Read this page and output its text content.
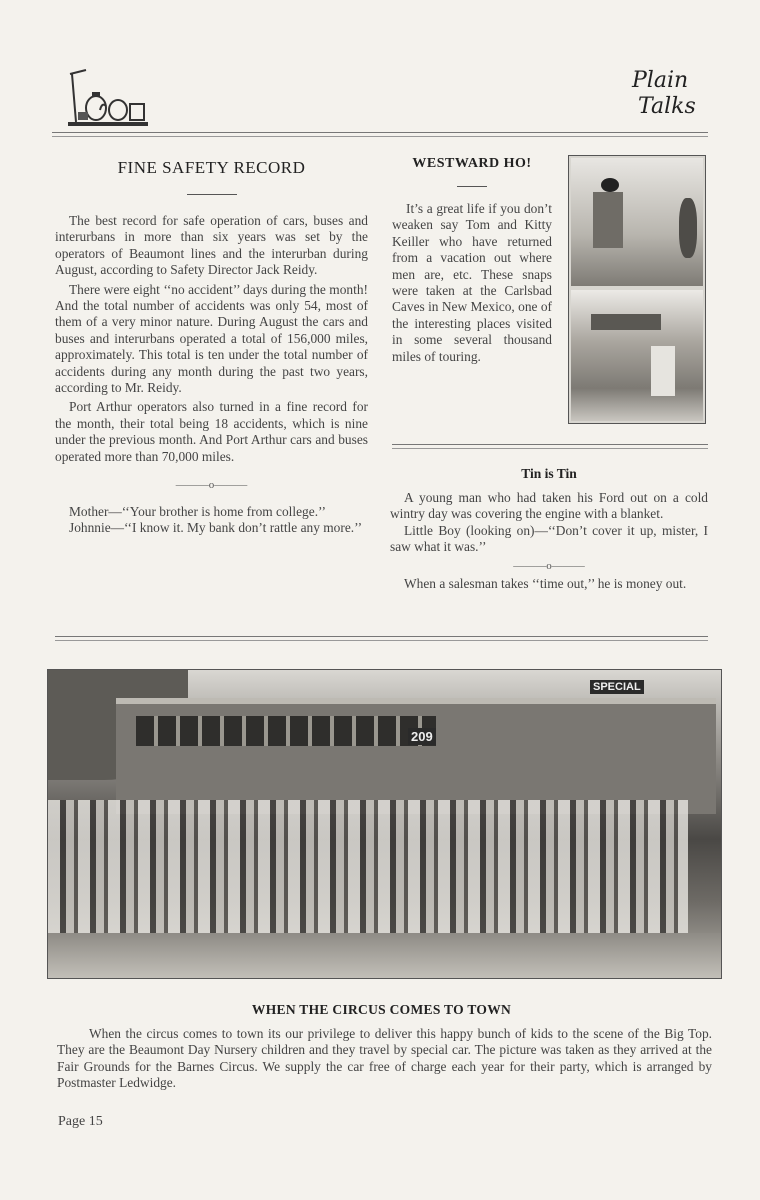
Plain
Talks
FINE SAFETY RECORD

The best record for safe operation of cars, buses and interurbans in more than six years was set by the operators of Beaumont lines and the interurban during August, according to Safety Director Jack Reidy.

There were eight ‘‘no accident’’ days during the month! And the total number of accidents was only 54, most of them of a very minor nature. During August the cars and buses and interurbans operated a total of 156,000 miles, approximately. This total is ten under the total number of accidents during any month during the past two years, according to Mr. Reidy.

Port Arthur operators also turned in a fine record for the month, their total being 18 accidents, which is nine under the previous month. And Port Arthur cars and buses operated more than 70,000 miles.

———o———

Mother—‘‘Your brother is home from college.’’

Johnnie—‘‘I know it. My bank don’t rattle any more.’’

WESTWARD HO!

It’s a great life if you don’t weaken say Tom and Kitty Keiller who have returned from a vacation out where men are, etc. These snaps were taken at the Carlsbad Caves in New Mexico, one of the interesting places visited in some several thousand miles of touring.

Tin is Tin

A young man who had taken his Ford out on a cold wintry day was covering the engine with a blanket.

Little Boy (looking on)—‘‘Don’t cover it up, mister, I saw what it was.’’

———o———

When a salesman takes ‘‘time out,’’ he is money out.

SPECIAL
209
WHEN THE CIRCUS COMES TO TOWN

When the circus comes to town its our privilege to deliver this happy bunch of kids to the scene of the Big Top. They are the Beaumont Day Nursery children and they travel by special car. The picture was taken as they arrived at the Fair Grounds for the Barnes Circus. We supply the car free of charge each year for their party, which is arranged by Postmaster Ledwidge.

Page 15
